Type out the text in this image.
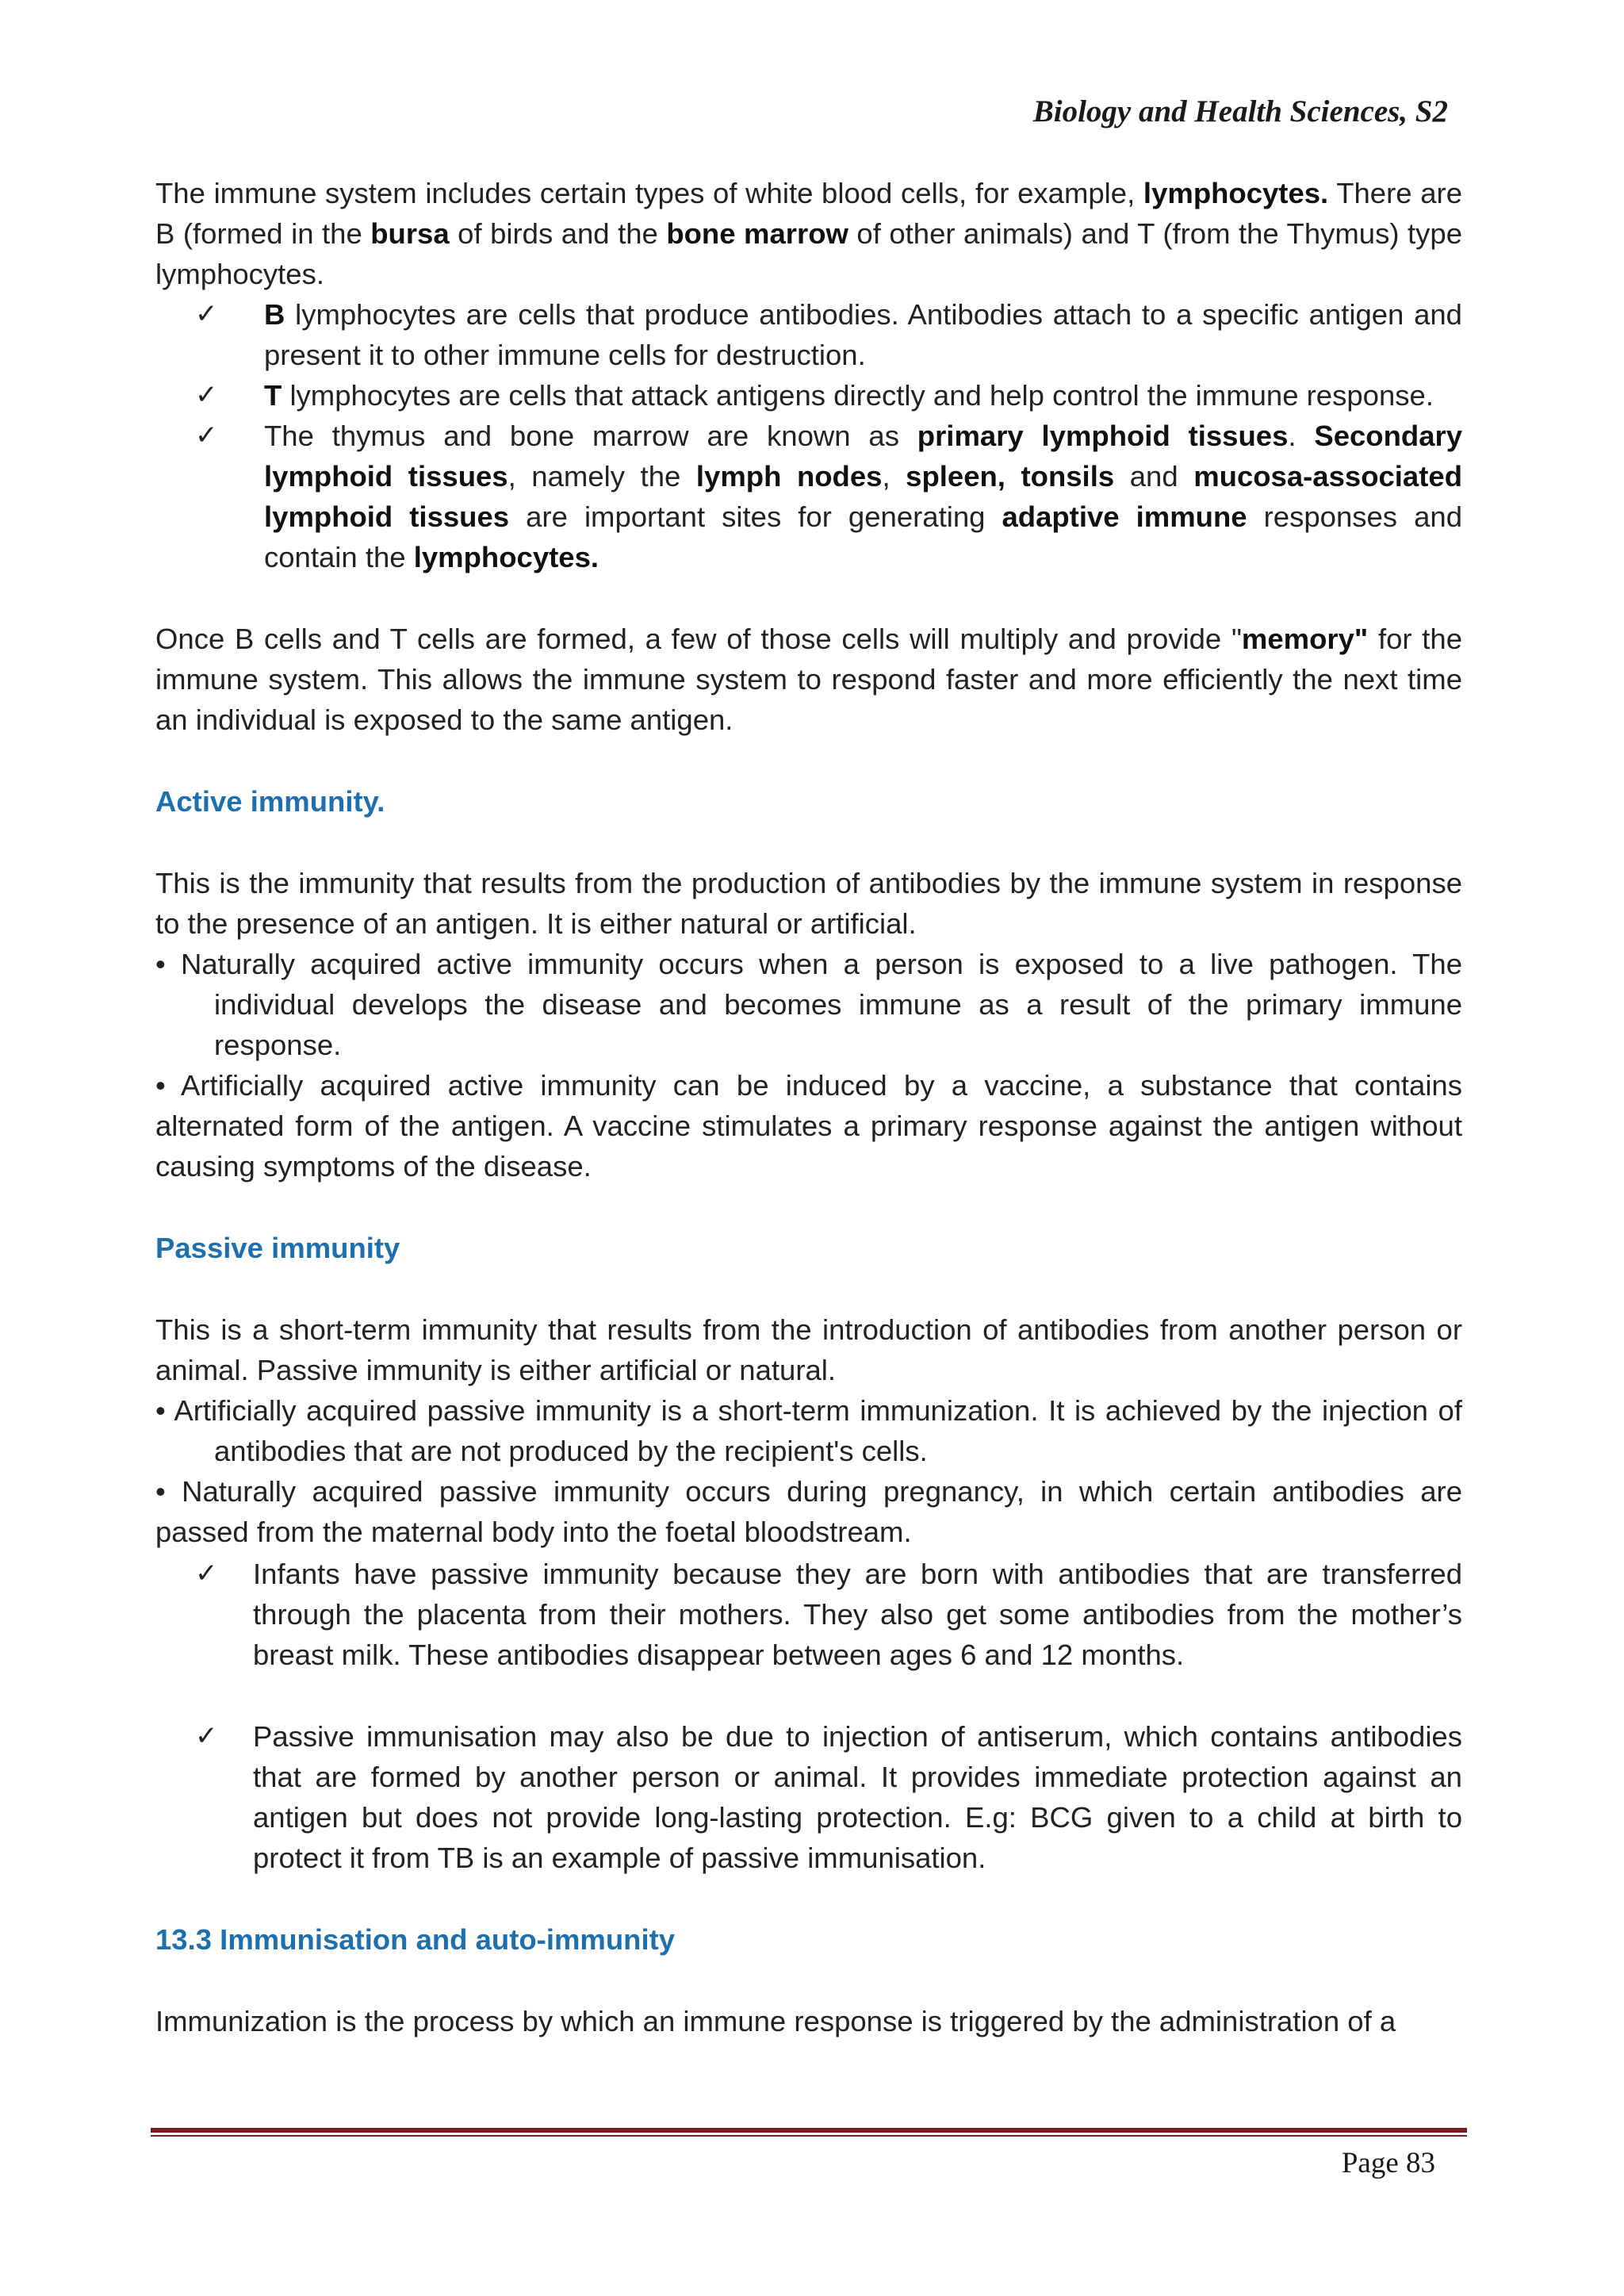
Biology and Health Sciences, S2

The immune system includes certain types of white blood cells, for example, lymphocytes. There are B (formed in the bursa of birds and the bone marrow of other animals) and T (from the Thymus) type lymphocytes.

✓ B lymphocytes are cells that produce antibodies. Antibodies attach to a specific antigen and present it to other immune cells for destruction.
✓ T lymphocytes are cells that attack antigens directly and help control the immune response.
✓ The thymus and bone marrow are known as primary lymphoid tissues. Secondary lymphoid tissues, namely the lymph nodes, spleen, tonsils and mucosa-associated lymphoid tissues are important sites for generating adaptive immune responses and contain the lymphocytes.

Once B cells and T cells are formed, a few of those cells will multiply and provide "memory" for the immune system. This allows the immune system to respond faster and more efficiently the next time an individual is exposed to the same antigen.

Active immunity.

This is the immunity that results from the production of antibodies by the immune system in response to the presence of an antigen. It is either natural or artificial.

• Naturally acquired active immunity occurs when a person is exposed to a live pathogen. The individual develops the disease and becomes immune as a result of the primary immune response.

• Artificially acquired active immunity can be induced by a vaccine, a substance that contains alternated form of the antigen. A vaccine stimulates a primary response against the antigen without causing symptoms of the disease.

Passive immunity

This is a short-term immunity that results from the introduction of antibodies from another person or animal. Passive immunity is either artificial or natural.

• Artificially acquired passive immunity is a short-term immunization. It is achieved by the injection of antibodies that are not produced by the recipient's cells.

• Naturally acquired passive immunity occurs during pregnancy, in which certain antibodies are passed from the maternal body into the foetal bloodstream.

✓ Infants have passive immunity because they are born with antibodies that are transferred through the placenta from their mothers. They also get some antibodies from the mother’s breast milk. These antibodies disappear between ages 6 and 12 months.
✓ Passive immunisation may also be due to injection of antiserum, which contains antibodies that are formed by another person or animal. It provides immediate protection against an antigen but does not provide long-lasting protection. E.g: BCG given to a child at birth to protect it from TB is an example of passive immunisation.
13.3 Immunisation and auto-immunity

Immunization is the process by which an immune response is triggered by the administration of a

Page 83
